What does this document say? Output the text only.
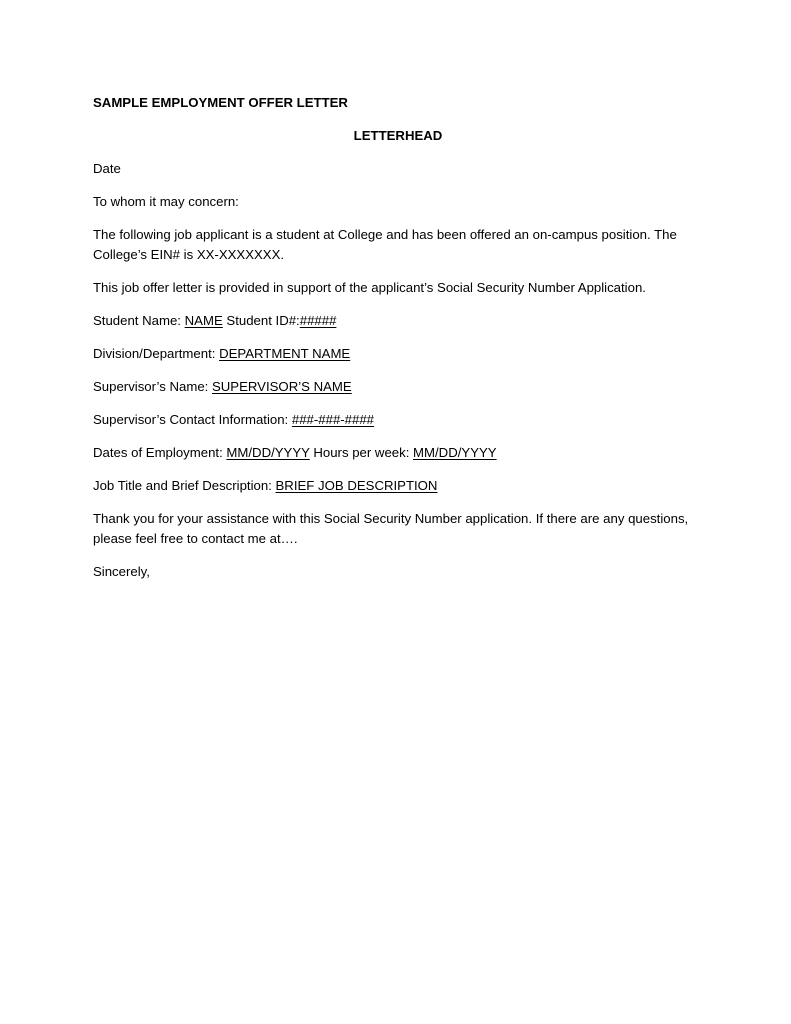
SAMPLE EMPLOYMENT OFFER LETTER

LETTERHEAD

Date

To whom it may concern:

The following job applicant is a student at College and has been offered an on-campus position. The College’s EIN# is XX-XXXXXXX.

This job offer letter is provided in support of the applicant’s Social Security Number Application.

Student Name: NAME Student ID#:#####

Division/Department: DEPARTMENT NAME

Supervisor’s Name: SUPERVISOR’S NAME

Supervisor’s Contact Information: ###-###-####

Dates of Employment: MM/DD/YYYY Hours per week: MM/DD/YYYY

Job Title and Brief Description: BRIEF JOB DESCRIPTION

Thank you for your assistance with this Social Security Number application. If there are any questions, please feel free to contact me at….

Sincerely,
